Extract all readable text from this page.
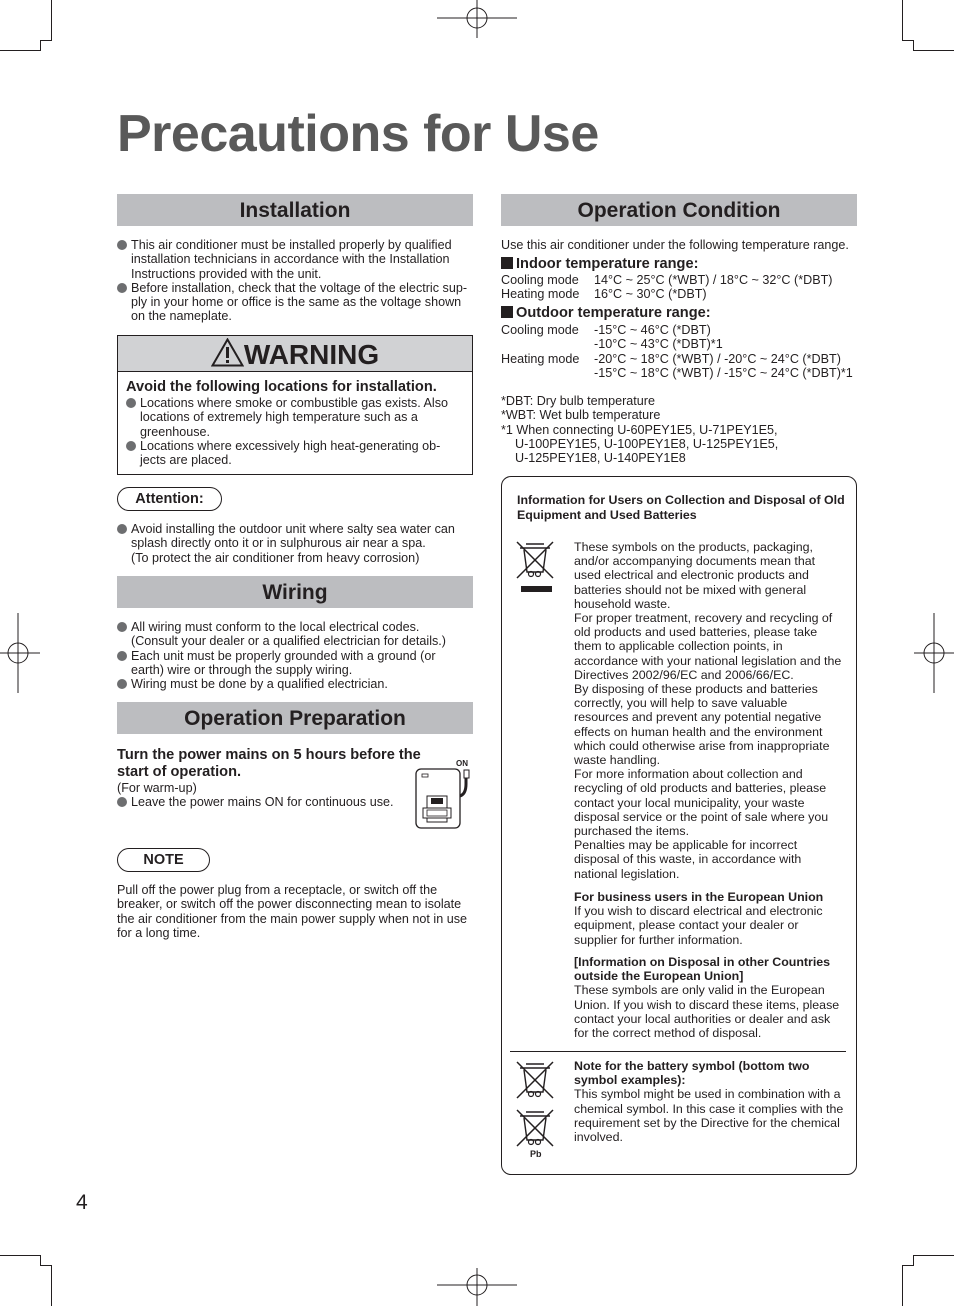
Precautions for Use
Installation
This air conditioner must be installed properly by qualified installation technicians in accordance with the Installation Instructions provided with the unit.
Before installation, check that the voltage of the electric sup-ply in your home or office is the same as the voltage shown on the nameplate.
WARNING
Avoid the following locations for installation.
Locations where smoke or combustible gas exists. Also locations of extremely high temperature such as a greenhouse.
Locations where excessively high heat-generating ob-jects are placed.
Attention:
Avoid installing the outdoor unit where salty sea water can splash directly onto it or in sulphurous air near a spa.
(To protect the air conditioner from heavy corrosion)
Wiring
All wiring must conform to the local electrical codes. (Consult your dealer or a qualified electrician for details.)
Each unit must be properly grounded with a ground (or earth) wire or through the supply wiring.
Wiring must be done by a qualified electrician.
Operation Preparation
Turn the power mains on 5 hours before the start of operation.
(For warm-up)
Leave the power mains ON for continuous use.
ON
NOTE
Pull off the power plug from a receptacle, or switch off the breaker, or switch off the power disconnecting mean to isolate the air conditioner from the main power supply when not in use for a long time.
Operation Condition
Use this air conditioner under the following temperature range.
Indoor temperature range:
Cooling mode	14°C ~ 25°C (*WBT) / 18°C ~ 32°C (*DBT)
Heating mode	16°C ~ 30°C (*DBT)
Outdoor temperature range:
Cooling mode	-15°C ~ 46°C (*DBT)
-10°C ~ 43°C (*DBT)*1
Heating mode	-20°C ~ 18°C (*WBT) / -20°C ~ 24°C (*DBT)
-15°C ~ 18°C (*WBT) / -15°C ~ 24°C (*DBT)*1
*DBT: Dry bulb temperature
*WBT: Wet bulb temperature
*1 When connecting U-60PEY1E5, U-71PEY1E5,
U-100PEY1E5, U-100PEY1E8, U-125PEY1E5,
U-125PEY1E8, U-140PEY1E8
Information for Users on Collection and Disposal of Old Equipment and Used Batteries
These symbols on the products, packaging, and/or accompanying documents mean that used electrical and electronic products and batteries should not be mixed with general household waste.
For proper treatment, recovery and recycling of old products and used batteries, please take them to applicable collection points, in accordance with your national legislation and the Directives 2002/96/EC and 2006/66/EC.
By disposing of these products and batteries correctly, you will help to save valuable resources and prevent any potential negative effects on human health and the environment which could otherwise arise from inappropriate waste handling.
For more information about collection and recycling of old products and batteries, please contact your local municipality, your waste disposal service or the point of sale where you purchased the items.
Penalties may be applicable for incorrect disposal of this waste, in accordance with national legislation.
For business users in the European Union
If you wish to discard electrical and electronic equipment, please contact your dealer or supplier for further information.
[Information on Disposal in other Countries outside the European Union]
These symbols are only valid in the European Union. If you wish to discard these items, please contact your local authorities or dealer and ask for the correct method of disposal.
Pb
Note for the battery symbol (bottom two symbol examples):
This symbol might be used in combination with a chemical symbol. In this case it complies with the requirement set by the Directive for the chemical involved.
4
